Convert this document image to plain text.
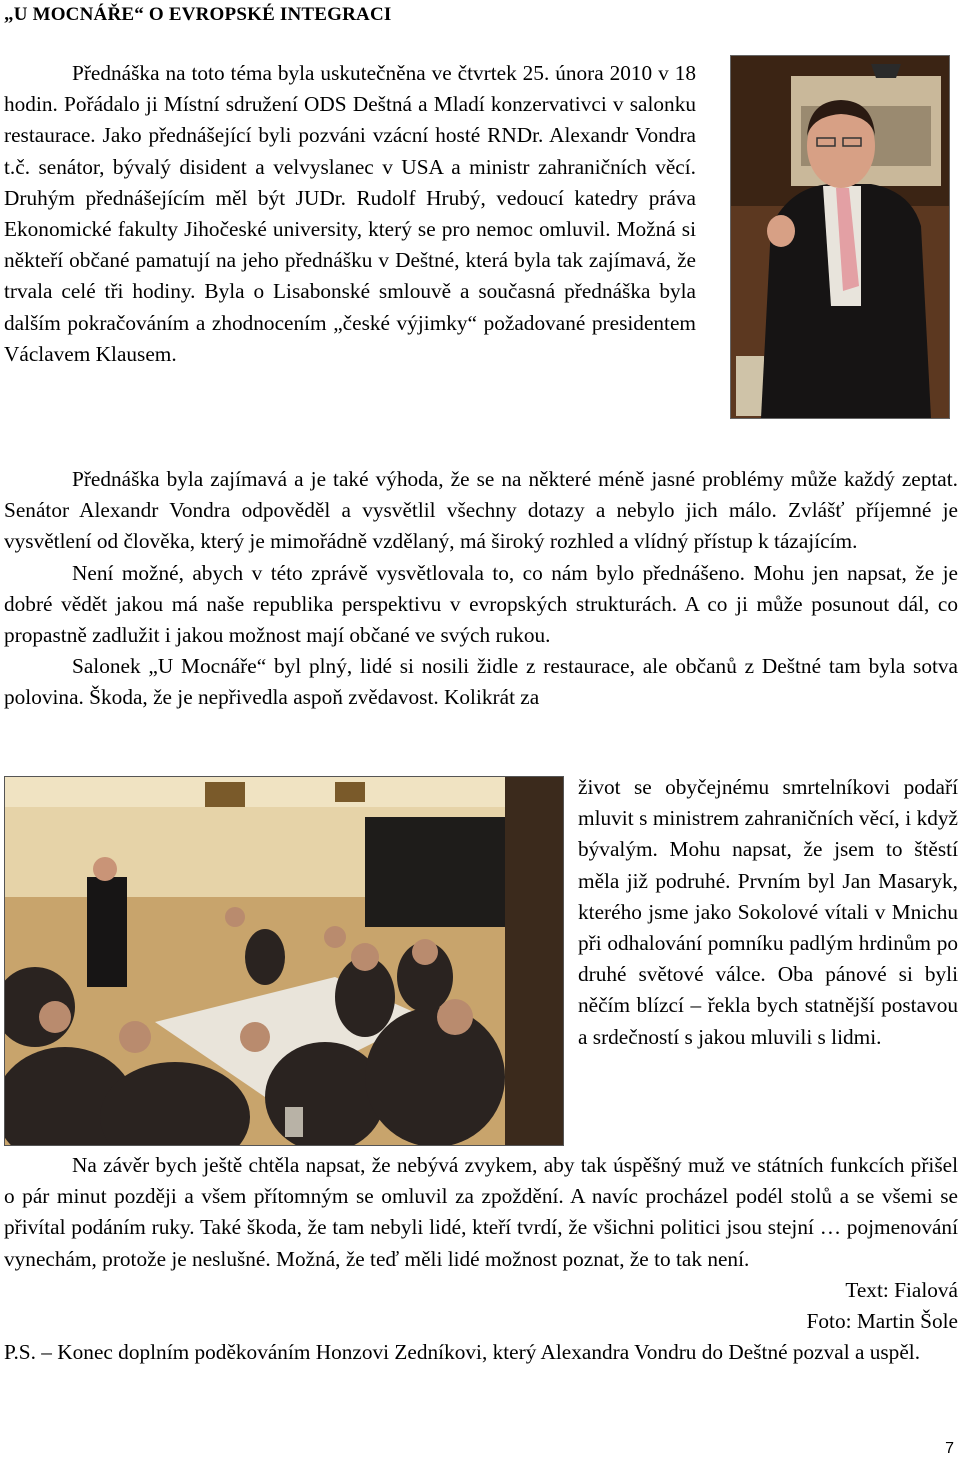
„U MOCNÁŘE“ O EVROPSKÉ INTEGRACI

Přednáška na toto téma byla uskutečněna ve čtvrtek 25. února 2010 v 18 hodin. Pořádalo ji Místní sdružení ODS Deštná a Mladí konzervativci v salonku restaurace. Jako přednášející byli pozváni vzácní hosté RNDr. Alexandr Vondra t.č. senátor, bývalý disident a velvyslanec v USA a ministr zahraničních věcí. Druhým přednášejícím měl být JUDr. Rudolf Hrubý, vedoucí katedry práva Ekonomické fakulty Jihočeské university, který se pro nemoc omluvil. Možná si někteří občané pamatují na jeho přednášku v Deštné, která byla tak zajímavá, že trvala celé tři hodiny. Byla o Lisabonské smlouvě a současná přednáška byla dalším pokračováním a zhodnocením „české výjimky“ požadované presidentem Václavem Klausem.

Přednáška byla zajímavá a je také výhoda, že se na některé méně jasné problémy může každý zeptat. Senátor Alexandr Vondra odpověděl a vysvětlil všechny dotazy a nebylo jich málo. Zvlášť příjemné je vysvětlení od člověka, který je mimořádně vzdělaný, má široký rozhled a vlídný přístup k tázajícím.

Není možné, abych v této zprávě vysvětlovala to, co nám bylo přednášeno. Mohu jen napsat, že je dobré vědět jakou má naše republika perspektivu v evropských strukturách. A co ji může posunout dál, co propastně zadlužit i jakou možnost mají občané ve svých rukou.

Salonek „U Mocnáře“ byl plný, lidé si nosili židle z restaurace, ale občanů z Deštné tam byla sotva polovina. Škoda, že je nepřivedla aspoň zvědavost. Kolikrát za

život se obyčejnému smrtelníkovi podaří mluvit s ministrem zahraničních věcí, i když bývalým. Mohu napsat, že jsem to štěstí měla již podruhé. Prvním byl Jan Masaryk, kterého jsme jako Sokolové vítali v Mnichu při odhalování pomníku padlým hrdinům po druhé světové válce. Oba pánové si byli něčím blízcí – řekla bych statnější postavou a srdečností s jakou mluvili s lidmi.

Na závěr bych ještě chtěla napsat, že nebývá zvykem, aby tak úspěšný muž ve státních funkcích přišel o pár minut později a všem přítomným se omluvil za zpoždění. A navíc procházel podél stolů a se všemi se přivítal podáním ruky. Také škoda, že tam nebyli lidé, kteří tvrdí, že všichni politici jsou stejní … pojmenování vynechám, protože je neslušné. Možná, že teď měli lidé možnost poznat, že to tak není.

Text: Fialová

Foto: Martin Šole

P.S. – Konec doplním poděkováním Honzovi Zedníkovi, který Alexandra Vondru do Deštné pozval a uspěl.

7
